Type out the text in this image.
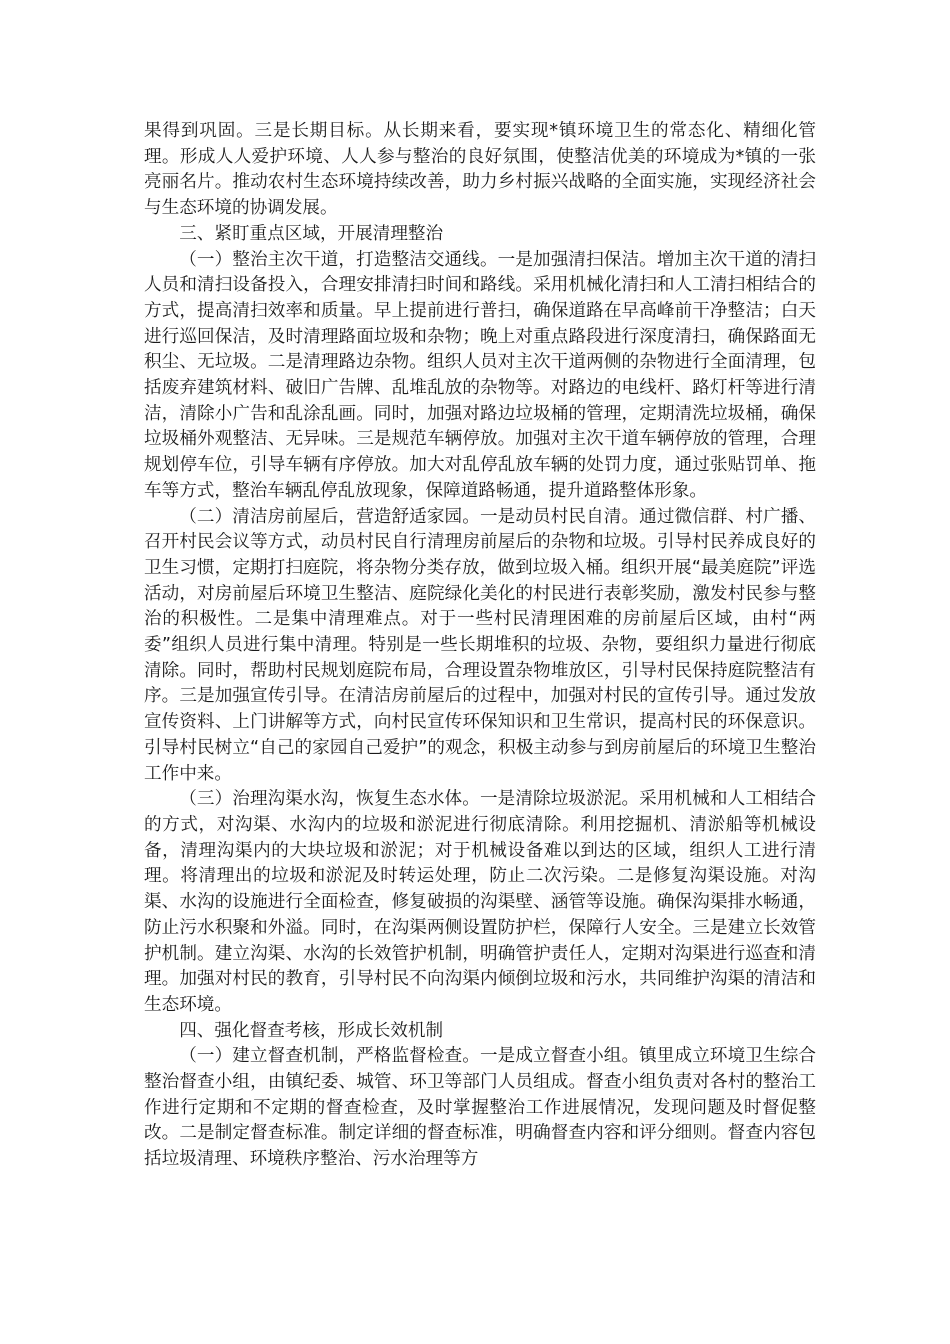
果得到巩固。三是长期目标。从长期来看，要实现*镇环境卫生的常态化、精细化管理。形成人人爱护环境、人人参与整治的良好氛围，使整洁优美的环境成为*镇的一张亮丽名片。推动农村生态环境持续改善，助力乡村振兴战略的全面实施，实现经济社会与生态环境的协调发展。

三、紧盯重点区域，开展清理整治

（一）整治主次干道，打造整洁交通线。一是加强清扫保洁。增加主次干道的清扫人员和清扫设备投入，合理安排清扫时间和路线。采用机械化清扫和人工清扫相结合的方式，提高清扫效率和质量。早上提前进行普扫，确保道路在早高峰前干净整洁；白天进行巡回保洁，及时清理路面垃圾和杂物；晚上对重点路段进行深度清扫，确保路面无积尘、无垃圾。二是清理路边杂物。组织人员对主次干道两侧的杂物进行全面清理，包括废弃建筑材料、破旧广告牌、乱堆乱放的杂物等。对路边的电线杆、路灯杆等进行清洁，清除小广告和乱涂乱画。同时，加强对路边垃圾桶的管理，定期清洗垃圾桶，确保垃圾桶外观整洁、无异味。三是规范车辆停放。加强对主次干道车辆停放的管理，合理规划停车位，引导车辆有序停放。加大对乱停乱放车辆的处罚力度，通过张贴罚单、拖车等方式，整治车辆乱停乱放现象，保障道路畅通，提升道路整体形象。

（二）清洁房前屋后，营造舒适家园。一是动员村民自清。通过微信群、村广播、召开村民会议等方式，动员村民自行清理房前屋后的杂物和垃圾。引导村民养成良好的卫生习惯，定期打扫庭院，将杂物分类存放，做到垃圾入桶。组织开展“最美庭院”评选活动，对房前屋后环境卫生整洁、庭院绿化美化的村民进行表彰奖励，激发村民参与整治的积极性。二是集中清理难点。对于一些村民清理困难的房前屋后区域，由村“两委”组织人员进行集中清理。特别是一些长期堆积的垃圾、杂物，要组织力量进行彻底清除。同时，帮助村民规划庭院布局，合理设置杂物堆放区，引导村民保持庭院整洁有序。三是加强宣传引导。在清洁房前屋后的过程中，加强对村民的宣传引导。通过发放宣传资料、上门讲解等方式，向村民宣传环保知识和卫生常识，提高村民的环保意识。引导村民树立“自己的家园自己爱护”的观念，积极主动参与到房前屋后的环境卫生整治工作中来。

（三）治理沟渠水沟，恢复生态水体。一是清除垃圾淤泥。采用机械和人工相结合的方式，对沟渠、水沟内的垃圾和淤泥进行彻底清除。利用挖掘机、清淤船等机械设备，清理沟渠内的大块垃圾和淤泥；对于机械设备难以到达的区域，组织人工进行清理。将清理出的垃圾和淤泥及时转运处理，防止二次污染。二是修复沟渠设施。对沟渠、水沟的设施进行全面检查，修复破损的沟渠壁、涵管等设施。确保沟渠排水畅通，防止污水积聚和外溢。同时，在沟渠两侧设置防护栏，保障行人安全。三是建立长效管护机制。建立沟渠、水沟的长效管护机制，明确管护责任人，定期对沟渠进行巡查和清理。加强对村民的教育，引导村民不向沟渠内倾倒垃圾和污水，共同维护沟渠的清洁和生态环境。

四、强化督查考核，形成长效机制

（一）建立督查机制，严格监督检查。一是成立督查小组。镇里成立环境卫生综合整治督查小组，由镇纪委、城管、环卫等部门人员组成。督查小组负责对各村的整治工作进行定期和不定期的督查检查，及时掌握整治工作进展情况，发现问题及时督促整改。二是制定督查标准。制定详细的督查标准，明确督查内容和评分细则。督查内容包括垃圾清理、环境秩序整治、污水治理等方
